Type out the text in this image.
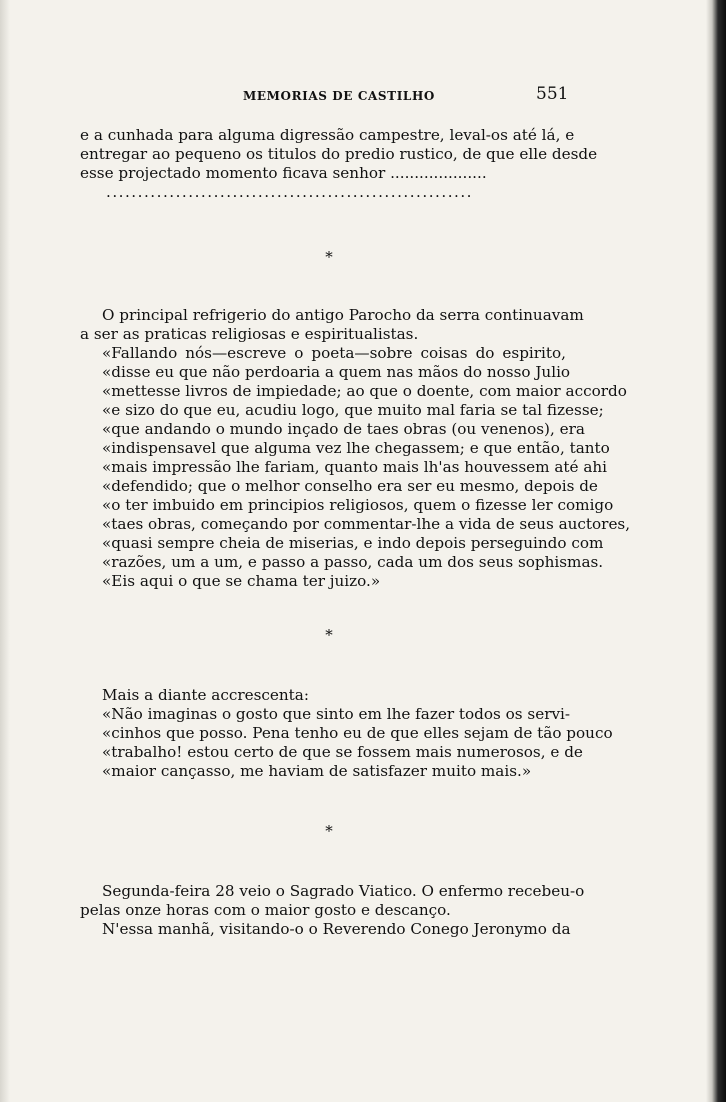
MEMORIAS DE CASTILHO	551
e a cunhada para alguma digressão campestre, leval-os até lá, e
entregar ao pequeno os titulos do predio rustico, de que elle desde
esse projectado momento ficava senhor ....................
..........................................................
*
O principal refrigerio do antigo Parocho da serra continuavam
a ser as praticas religiosas e espiritualistas.
«Fallando nós—escreve o poeta—sobre coisas do espirito,
«disse eu que não perdoaria a quem nas mãos do nosso Julio
«mettesse livros de impiedade; ao que o doente, com maior accordo
«e sizo do que eu, acudiu logo, que muito mal faria se tal fizesse;
«que andando o mundo inçado de taes obras (ou venenos), era
«indispensavel que alguma vez lhe chegassem; e que então, tanto
«mais impressão lhe fariam, quanto mais lh'as houvessem até ahi
«defendido; que o melhor conselho era ser eu mesmo, depois de
«o ter imbuido em principios religiosos, quem o fizesse ler comigo
«taes obras, começando por commentar-lhe a vida de seus auctores,
«quasi sempre cheia de miserias, e indo depois perseguindo com
«razões, um a um, e passo a passo, cada um dos seus sophismas.
«Eis aqui o que se chama ter juizo.»
*
Mais a diante accrescenta:
«Não imaginas o gosto que sinto em lhe fazer todos os servi-
«cinhos que posso. Pena tenho eu de que elles sejam de tão pouco
«trabalho! estou certo de que se fossem mais numerosos, e de
«maior cançasso, me haviam de satisfazer muito mais.»
*
Segunda-feira 28 veio o Sagrado Viatico. O enfermo recebeu-o
pelas onze horas com o maior gosto e descanço.
N'essa manhã, visitando-o o Reverendo Conego Jeronymo da
